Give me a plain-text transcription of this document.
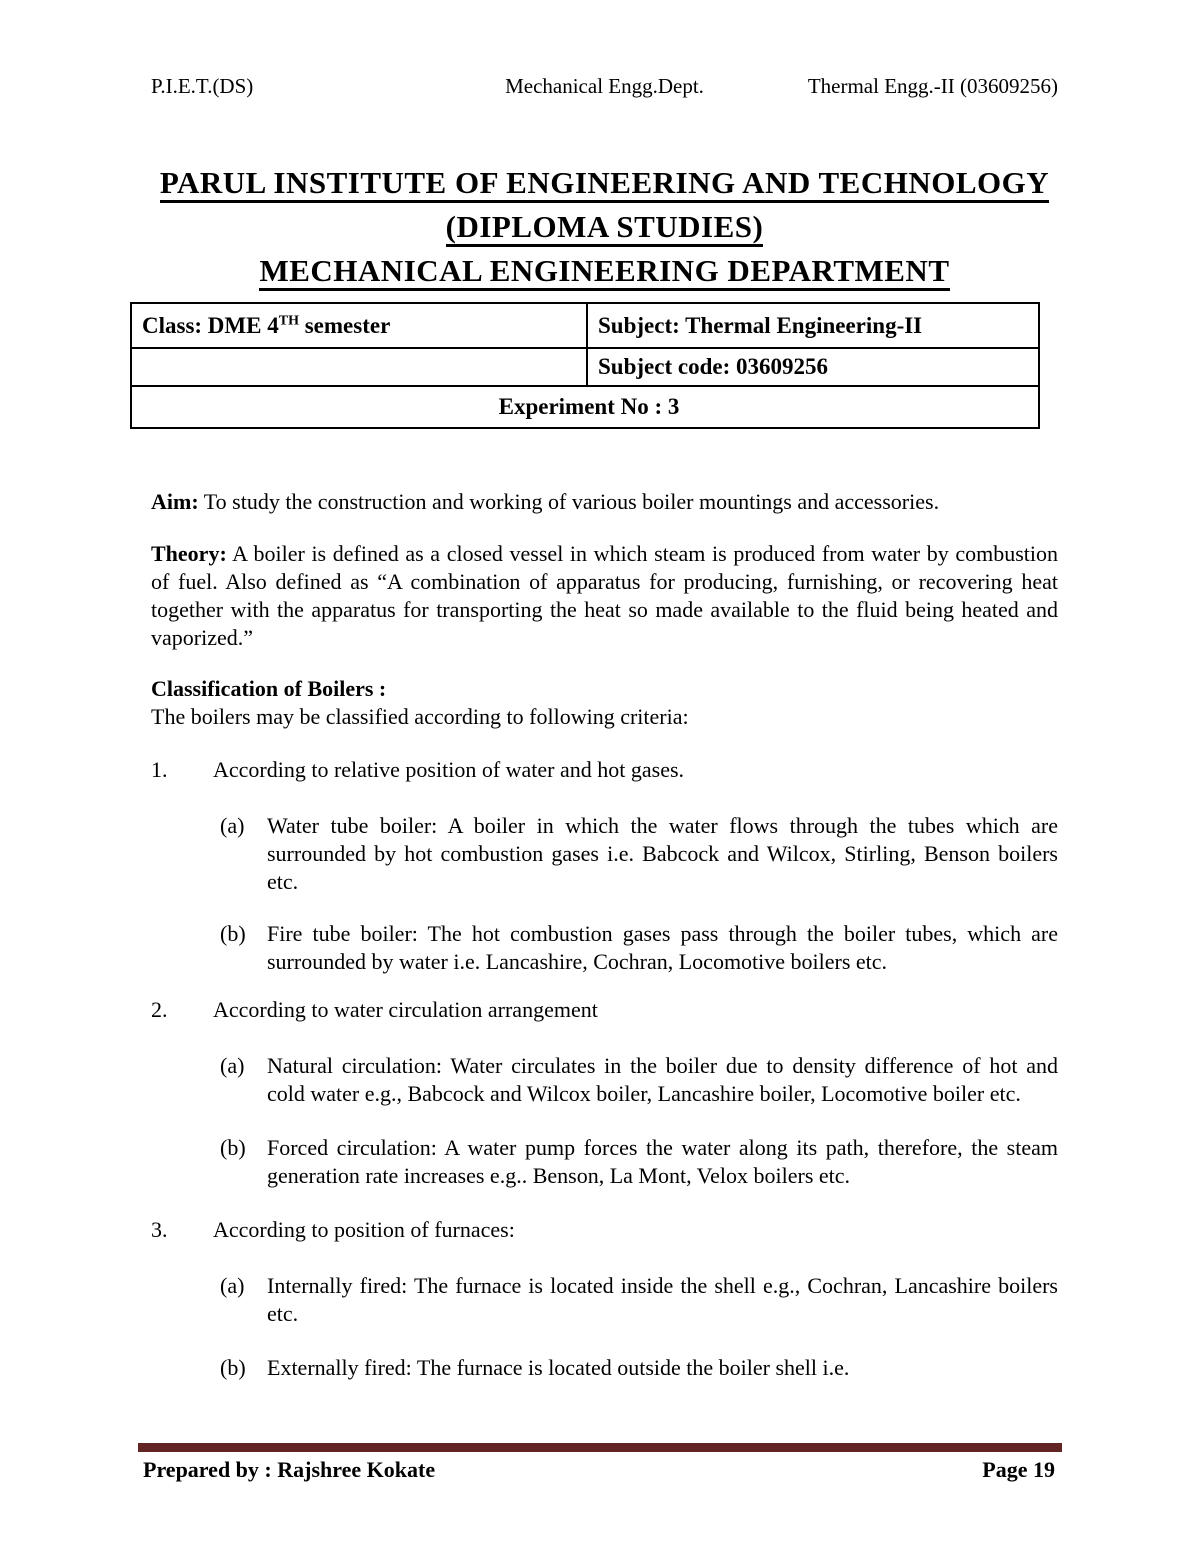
P.I.E.T.(DS)	Mechanical Engg.Dept.	Thermal Engg.-II (03609256)
PARUL INSTITUTE OF ENGINEERING AND TECHNOLOGY
(DIPLOMA STUDIES)
MECHANICAL ENGINEERING DEPARTMENT
Class: DME 4TH semester	Subject: Thermal Engineering-II
	Subject code: 03609256
Experiment No : 3	

Aim: To study the construction and working of various boiler mountings and accessories.

Theory: A boiler is defined as a closed vessel in which steam is produced from water by combustion of fuel. Also defined as “A combination of apparatus for producing, furnishing, or recovering heat together with the apparatus for transporting the heat so made available to the fluid being heated and vaporized.”

Classification of Boilers :

The boilers may be classified according to following criteria:

1.	According to relative position of water and hot gases.
(a)	Water tube boiler: A boiler in which the water flows through the tubes which are surrounded by hot combustion gases i.e. Babcock and Wilcox, Stirling, Benson boilers etc.
(b) Fire tube boiler: The hot combustion gases pass through the boiler tubes, which are surrounded by water i.e. Lancashire, Cochran, Locomotive boilers etc.
2.	According to water circulation arrangement
(a)	Natural circulation: Water circulates in the boiler due to density difference of hot and cold water e.g., Babcock and Wilcox boiler, Lancashire boiler, Locomotive boiler etc.
(b) Forced circulation: A water pump forces the water along its path, therefore, the steam generation rate increases e.g.. Benson, La Mont, Velox boilers etc.
3.	According to position of furnaces:
(a)	Internally fired: The furnace is located inside the shell e.g., Cochran, Lancashire boilers etc.
(b) Externally fired: The furnace is located outside the boiler shell i.e.
Prepared by : Rajshree Kokate	Page 19
